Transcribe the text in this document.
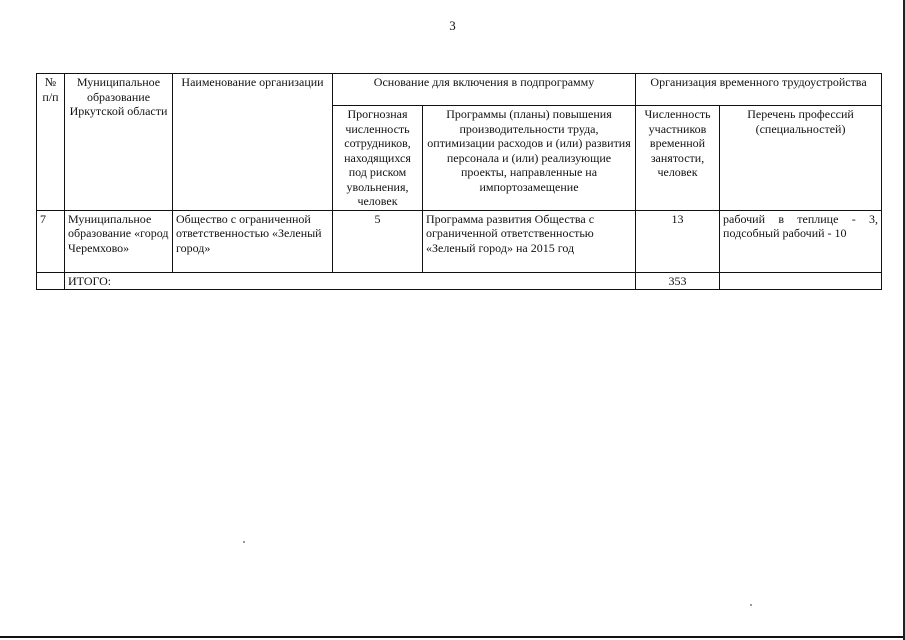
3
№ п/п	Муниципальное образование Иркутской области	Наименование организации	Основание для включения в подпрограмму		Организация временного трудоустройства	
			Прогнозная численность сотрудников, находящихся под риском увольнения, человек	Программы (планы) повышения производительности труда, оптимизации расходов и (или) развития персонала и (или) реализующие проекты, направленные на импортозамещение	Численность участников временной занятости, человек	Перечень профессий (специальностей)
7	Муниципальное образование «город Черемхово»	Общество с ограниченной ответственностью «Зеленый город»	5	Программа развития Общества с ограниченной ответственностью «Зеленый город» на 2015 год	13	рабочий в теплице - 3, подсобный рабочий - 10
	ИТОГО:				353	
